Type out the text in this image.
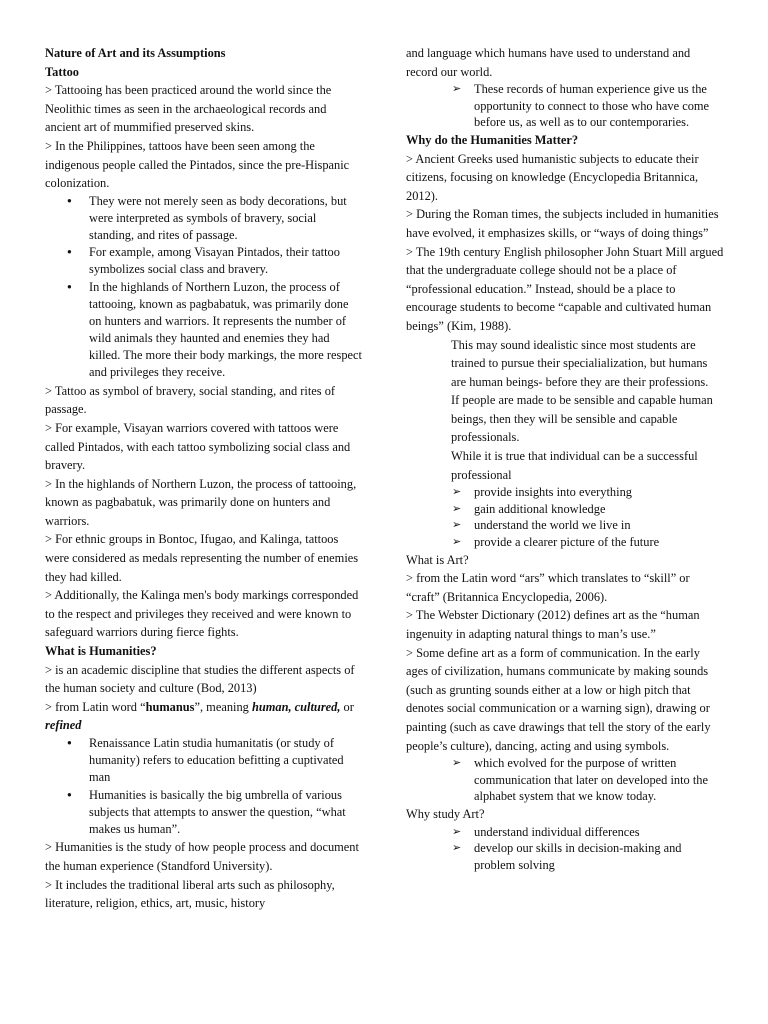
Nature of Art and its Assumptions

Tattoo

> Tattooing has been practiced around the world since the Neolithic times as seen in the archaeological records and ancient art of mummified preserved skins.

> In the Philippines, tattoos have been seen among the indigenous people called the Pintados, since the pre-Hispanic colonization.

● They were not merely seen as body decorations, but were interpreted as symbols of bravery, social standing, and rites of passage.
● For example, among Visayan Pintados, their tattoo symbolizes social class and bravery.
● In the highlands of Northern Luzon, the process of tattooing, known as pagbabatuk, was primarily done on hunters and warriors. It represents the number of wild animals they haunted and enemies they had killed. The more their body markings, the more respect and privileges they receive.

> Tattoo as symbol of bravery, social standing, and rites of passage.

> For example, Visayan warriors covered with tattoos were called Pintados, with each tattoo symbolizing social class and bravery.

> In the highlands of Northern Luzon, the process of tattooing, known as pagbabatuk, was primarily done on hunters and warriors.

> For ethnic groups in Bontoc, Ifugao, and Kalinga, tattoos were considered as medals representing the number of enemies they had killed.

> Additionally, the Kalinga men's body markings corresponded to the respect and privileges they received and were known to safeguard warriors during fierce fights.

What is Humanities?

> is an academic discipline that studies the different aspects of the human society and culture (Bod, 2013)

> from Latin word “humanus”, meaning human, cultured, or refined

● Renaissance Latin studia humanitatis (or study of humanity) refers to education befitting a cuptivated man
● Humanities is basically the big umbrella of various subjects that attempts to answer the question, “what makes us human”.

> Humanities is the study of how people process and document the human experience (Standford University).

> It includes the traditional liberal arts such as philosophy, literature, religion, ethics, art, music, history

and language which humans have used to understand and record our world.

➢ These records of human experience give us the opportunity to connect to those who have come before us, as well as to our contemporaries.

Why do the Humanities Matter?

> Ancient Greeks used humanistic subjects to educate their citizens, focusing on knowledge (Encyclopedia Britannica, 2012).

> During the Roman times, the subjects included in humanities have evolved, it emphasizes skills, or “ways of doing things”

> The 19th century English philosopher John Stuart Mill argued that the undergraduate college should not be a place of “professional education.” Instead, should be a place to encourage students to become “capable and cultivated human beings” (Kim, 1988).

This may sound idealistic since most students are trained to pursue their specialialization, but humans are human beings- before they are their professions.

If people are made to be sensible and capable human beings, then they will be sensible and capable professionals.

While it is true that individual can be a successful professional

➢ provide insights into everything
➢ gain additional knowledge
➢ understand the world we live in
➢ provide a clearer picture of the future

What is Art?

> from the Latin word “ars” which translates to “skill” or “craft” (Britannica Encyclopedia, 2006).

> The Webster Dictionary (2012) defines art as the “human ingenuity in adapting natural things to man’s use.”

> Some define art as a form of communication. In the early ages of civilization, humans communicate by making sounds (such as grunting sounds either at a low or high pitch that denotes social communication or a warning sign), drawing or painting (such as cave drawings that tell the story of the early people’s culture), dancing, acting and using symbols.

➢ which evolved for the purpose of written communication that later on developed into the alphabet system that we know today.

Why study Art?

➢ understand individual differences
➢ develop our skills in decision-making and problem solving
